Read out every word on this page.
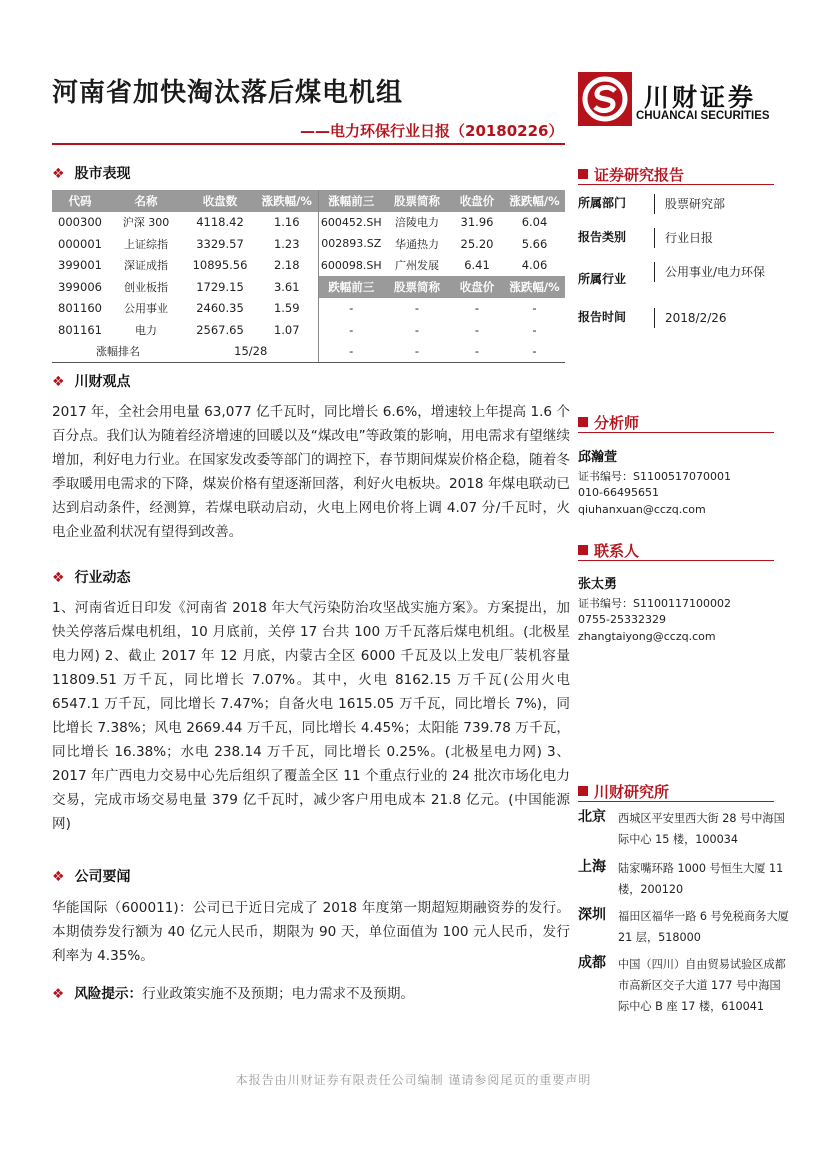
河南省加快淘汰落后煤电机组
——电力环保行业日报（20180226）
川财证券
CHUANCAI SECURITIES
❖ 股市表现
代码	名称	收盘数	涨跌幅/%	涨幅前三	股票简称	收盘价	涨跌幅/%
000300	沪深 300	4118.42	1.16	600452.SH	涪陵电力	31.96	6.04
000001	上证综指	3329.57	1.23	002893.SZ	华通热力	25.20	5.66
399001	深证成指	10895.56	2.18	600098.SH	广州发展	6.41	4.06
399006	创业板指	1729.15	3.61	跌幅前三	股票简称	收盘价	涨跌幅/%
801160	公用事业	2460.35	1.59	-	-	-	-
801161	电力	2567.65	1.07	-	-	-	-
涨幅排名		15/28		-	-	-	-
❖ 川财观点
2017 年，全社会用电量 63,077 亿千瓦时，同比增长 6.6%，增速较上年提高 1.6 个百分点。我们认为随着经济增速的回暖以及“煤改电”等政策的影响，用电需求有望继续增加，利好电力行业。在国家发改委等部门的调控下，春节期间煤炭价格企稳，随着冬季取暖用电需求的下降，煤炭价格有望逐渐回落，利好火电板块。2018 年煤电联动已达到启动条件，经测算，若煤电联动启动，火电上网电价将上调 4.07 分/千瓦时，火电企业盈利状况有望得到改善。
❖ 行业动态
1、河南省近日印发《河南省 2018 年大气污染防治攻坚战实施方案》。方案提出，加快关停落后煤电机组，10 月底前，关停 17 台共 100 万千瓦落后煤电机组。(北极星电力网) 2、截止 2017 年 12 月底，内蒙古全区 6000 千瓦及以上发电厂装机容量 11809.51 万千瓦，同比增长 7.07%。其中，火电 8162.15 万千瓦(公用火电 6547.1 万千瓦，同比增长 7.47%；自备火电 1615.05 万千瓦，同比增长 7%)，同比增长 7.38%；风电 2669.44 万千瓦，同比增长 4.45%；太阳能 739.78 万千瓦，同比增长 16.38%；水电 238.14 万千瓦，同比增长 0.25%。(北极星电力网) 3、2017 年广西电力交易中心先后组织了覆盖全区 11 个重点行业的 24 批次市场化电力交易，完成市场交易电量 379 亿千瓦时，减少客户用电成本 21.8 亿元。(中国能源网)
❖ 公司要闻
华能国际（600011)：公司已于近日完成了 2018 年度第一期超短期融资券的发行。本期债券发行额为 40 亿元人民币，期限为 90 天，单位面值为 100 元人民币，发行利率为 4.35%。
❖ 风险提示：行业政策实施不及预期；电力需求不及预期。
证券研究报告
所属部门	股票研究部
报告类别	行业日报
所属行业	公用事业/电力环保
报告时间	2018/2/26
分析师
邱瀚萱
证书编号：S1100517070001
010-66495651
qiuhanxuan@cczq.com
联系人
张太勇
证书编号：S1100117100002
0755-25332329
zhangtaiyong@cczq.com
川财研究所
北京 西城区平安里西大街 28 号中海国际中心 15 楼，100034
上海 陆家嘴环路 1000 号恒生大厦 11 楼，200120
深圳 福田区福华一路 6 号免税商务大厦 21 层，518000
成都 中国（四川）自由贸易试验区成都市高新区交子大道 177 号中海国际中心 B 座 17 楼，610041
本报告由川财证券有限责任公司编制 谨请参阅尾页的重要声明
